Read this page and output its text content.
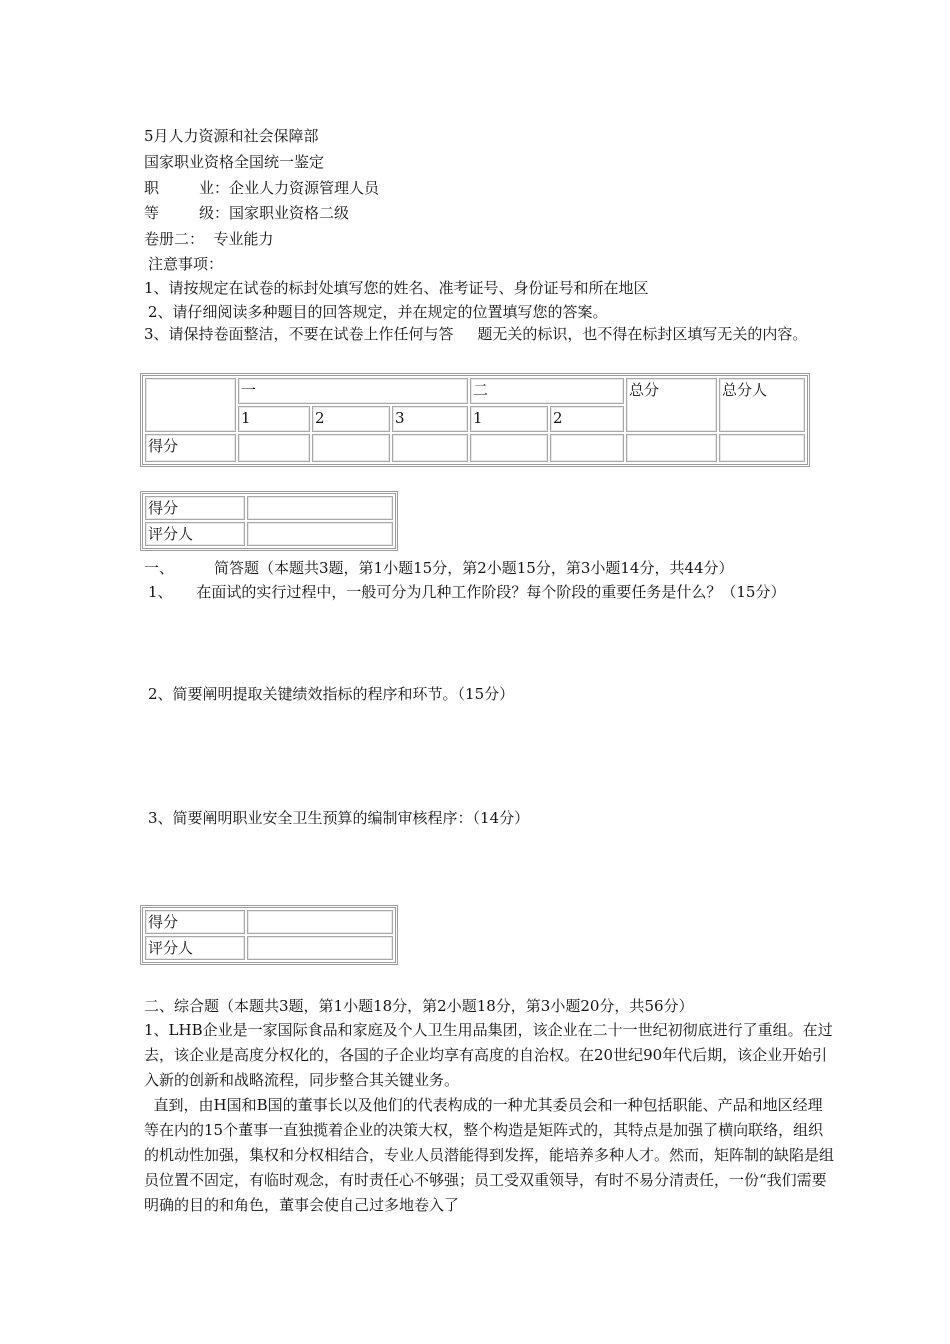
5月人力资源和社会保障部
国家职业资格全国统一鉴定
职	业：企业人力资源管理人员
等	级：国家职业资格二级
卷册二：  专业能力
注意事项：
1、请按规定在试卷的标封处填写您的姓名、准考证号、身份证号和所在地区
2、请仔细阅读多种题目的回答规定，并在规定的位置填写您的答案。
3、请保持卷面整洁，不要在试卷上作任何与答     题无关的标识，也不得在标封区填写无关的内容。
	一			二		总分	总分人
	1	2	3	1	2		
得分							
得分	
评分人	
一、	简答题（本题共3题，第1小题15分，第2小题15分，第3小题14分，共44分）
1、     在面试的实行过程中，一般可分为几种工作阶段？每个阶段的重要任务是什么？（15分）
2、简要阐明提取关键绩效指标的程序和环节。（15分）
3、简要阐明职业安全卫生预算的编制审核程序：（14分）
得分	
评分人	
二、综合题（本题共3题，第1小题18分，第2小题18分，第3小题20分，共56分）
1、LHB企业是一家国际食品和家庭及个人卫生用品集团，该企业在二十一世纪初彻底进行了重组。在过去，该企业是高度分权化的，各国的子企业均享有高度的自治权。在20世纪90年代后期，该企业开始引入新的创新和战略流程，同步整合其关键业务。
直到，由H国和B国的董事长以及他们的代表构成的一种尤其委员会和一种包括职能、产品和地区经理等在内的15个董事一直独揽着企业的决策大权，整个构造是矩阵式的，其特点是加强了横向联络，组织的机动性加强，集权和分权相结合，专业人员潜能得到发挥，能培养多种人才。然而，矩阵制的缺陷是组员位置不固定，有临时观念，有时责任心不够强；员工受双重领导，有时不易分清责任，一份“我们需要明确的目的和角色，董事会使自己过多地卷入了
